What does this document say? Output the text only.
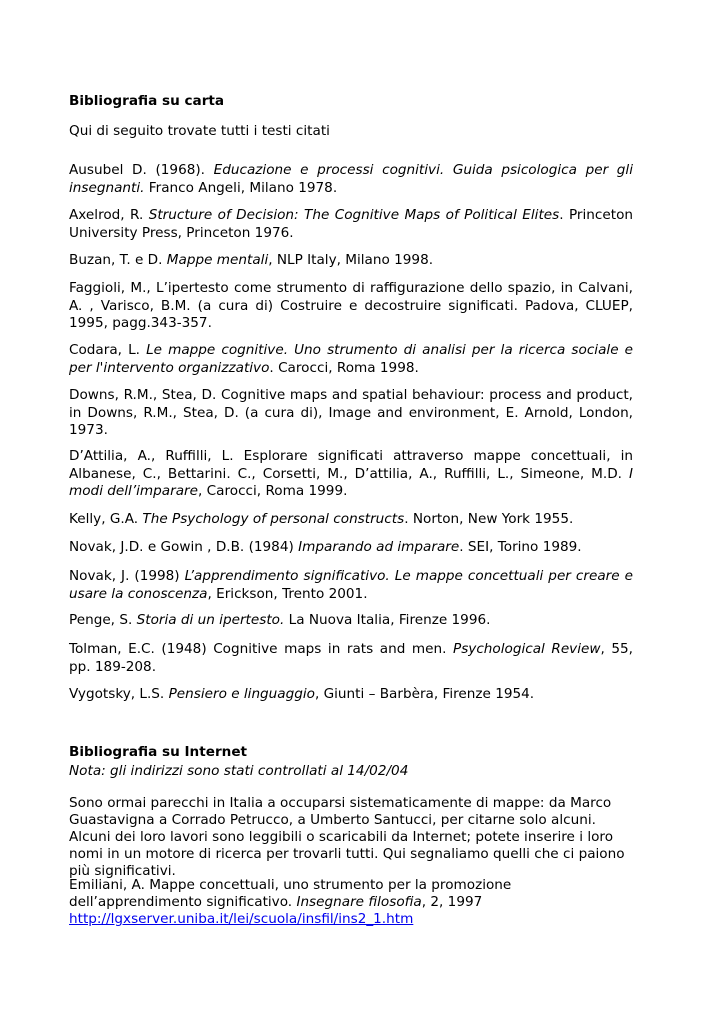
Bibliografia su carta

Qui di seguito trovate tutti i testi citati

Ausubel D. (1968). Educazione e processi cognitivi. Guida psicologica per gli insegnanti. Franco Angeli, Milano 1978.

Axelrod, R. Structure of Decision: The Cognitive Maps of Political Elites. Princeton University Press, Princeton 1976.

Buzan, T. e D. Mappe mentali, NLP Italy, Milano 1998.

Faggioli, M., L’ipertesto come strumento di raffigurazione dello spazio, in Calvani, A. , Varisco, B.M. (a cura di) Costruire e decostruire significati. Padova, CLUEP, 1995, pagg.343-357.

Codara, L. Le mappe cognitive. Uno strumento di analisi per la ricerca sociale e per l'intervento organizzativo. Carocci, Roma 1998.

Downs, R.M., Stea, D. Cognitive maps and spatial behaviour: process and product, in Downs, R.M., Stea, D. (a cura di), Image and environment, E. Arnold, London, 1973.

D’Attilia, A., Ruffilli, L. Esplorare significati attraverso mappe concettuali, in Albanese, C., Bettarini. C., Corsetti, M., D’attilia, A., Ruffilli, L., Simeone, M.D. I modi dell’imparare, Carocci, Roma 1999.

Kelly, G.A. The Psychology of personal constructs. Norton, New York 1955.

Novak, J.D. e Gowin , D.B. (1984) Imparando ad imparare. SEI, Torino 1989.

Novak, J. (1998) L’apprendimento significativo. Le mappe concettuali per creare e usare la conoscenza, Erickson, Trento 2001.

Penge, S. Storia di un ipertesto. La Nuova Italia, Firenze 1996.

Tolman, E.C. (1948) Cognitive maps in rats and men. Psychological Review, 55, pp. 189-208.

Vygotsky, L.S. Pensiero e linguaggio, Giunti – Barbèra, Firenze 1954.

Bibliografia su Internet

Nota: gli indirizzi sono stati controllati al 14/02/04

Sono ormai parecchi in Italia a occuparsi sistematicamente di mappe: da Marco Guastavigna a Corrado Petrucco, a Umberto Santucci, per citarne solo alcuni. Alcuni dei loro lavori sono leggibili o scaricabili da Internet; potete inserire i loro nomi in un motore di ricerca per trovarli tutti. Qui segnaliamo quelli che ci paiono più significativi.

Emiliani, A. Mappe concettuali, uno strumento per la promozione dell’apprendimento significativo. Insegnare filosofia, 2, 1997
http://lgxserver.uniba.it/lei/scuola/insfil/ins2_1.htm
